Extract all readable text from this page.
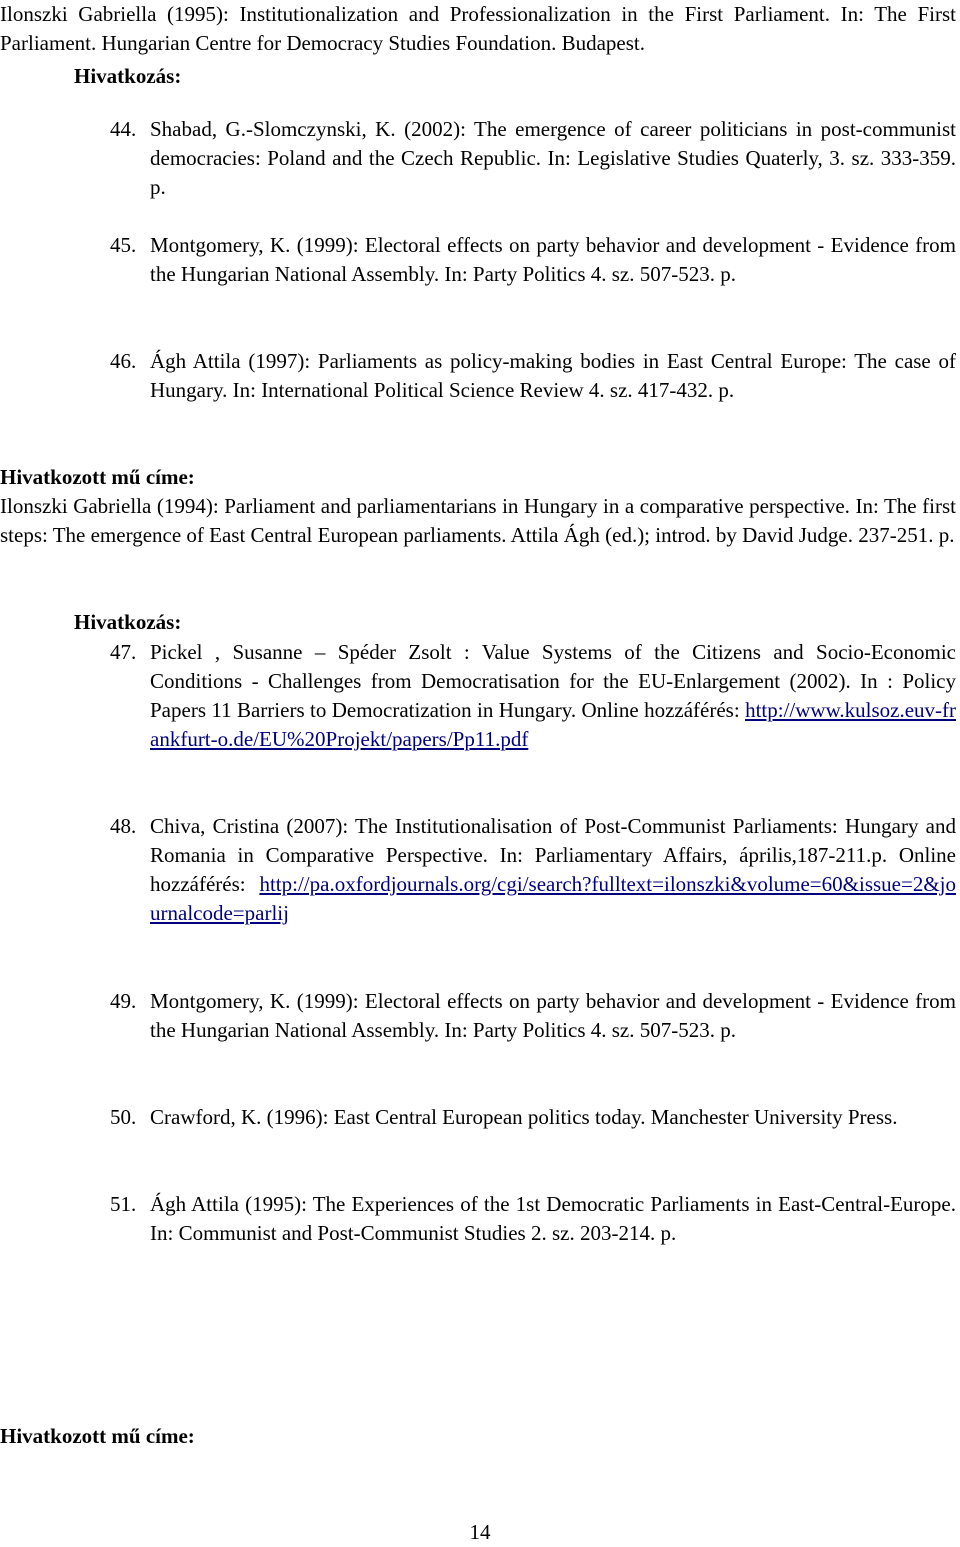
Ilonszki Gabriella (1995): Institutionalization and Professionalization in the First Parliament. In: The First Parliament. Hungarian Centre for Democracy Studies Foundation. Budapest.
Hivatkozás:
44. Shabad, G.-Slomczynski, K. (2002): The emergence of career politicians in post-communist democracies: Poland and the Czech Republic. In: Legislative Studies Quaterly, 3. sz. 333-359. p.
45. Montgomery, K. (1999): Electoral effects on party behavior and development - Evidence from the Hungarian National Assembly. In: Party Politics 4. sz. 507-523. p.
46. Ágh Attila (1997): Parliaments as policy-making bodies in East Central Europe: The case of Hungary. In: International Political Science Review 4. sz. 417-432. p.
Hivatkozott mű címe:
Ilonszki Gabriella (1994): Parliament and parliamentarians in Hungary in a comparative perspective. In: The first steps: The emergence of East Central European parliaments. Attila Ágh (ed.); introd. by David Judge. 237-251. p.
Hivatkozás:
47. Pickel , Susanne – Spéder Zsolt : Value Systems of the Citizens and Socio-Economic Conditions - Challenges from Democratisation for the EU-Enlargement (2002). In : Policy Papers 11 Barriers to Democratization in Hungary. Online hozzáférés: http://www.kulsoz.euv-frankfurt-o.de/EU%20Projekt/papers/Pp11.pdf
48. Chiva, Cristina (2007): The Institutionalisation of Post-Communist Parliaments: Hungary and Romania in Comparative Perspective. In: Parliamentary Affairs, április,187-211.p. Online hozzáférés: http://pa.oxfordjournals.org/cgi/search?fulltext=ilonszki&volume=60&issue=2&journalcode=parlij
49. Montgomery, K. (1999): Electoral effects on party behavior and development - Evidence from the Hungarian National Assembly. In: Party Politics 4. sz. 507-523. p.
50. Crawford, K. (1996): East Central European politics today. Manchester University Press.
51. Ágh Attila (1995): The Experiences of the 1st Democratic Parliaments in East-Central-Europe. In: Communist and Post-Communist Studies 2. sz. 203-214. p.
Hivatkozott mű címe:
14
